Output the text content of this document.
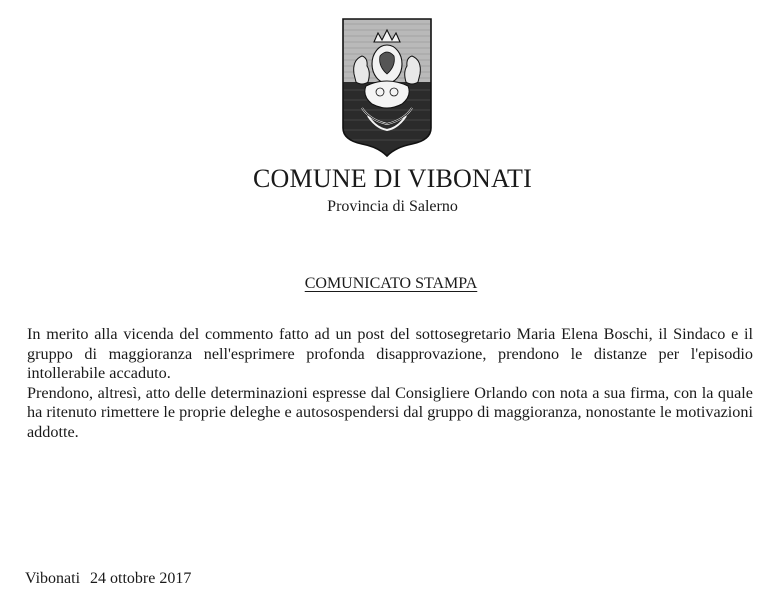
COMUNE DI VIBONATI
Provincia di Salerno
COMUNICATO STAMPA

In merito alla vicenda del commento fatto ad un post del sottosegretario Maria Elena Boschi, il Sindaco e il gruppo di maggioranza nell'esprimere profonda disapprovazione, prendono le distanze per l'episodio intollerabile accaduto.

Prendono, altresì, atto delle determinazioni espresse dal Consigliere Orlando con nota a sua firma, con la quale ha ritenuto rimettere le proprie deleghe e autosospendersi dal gruppo di maggioranza, nonostante le motivazioni addotte.

Vibonati 24 ottobre 2017
